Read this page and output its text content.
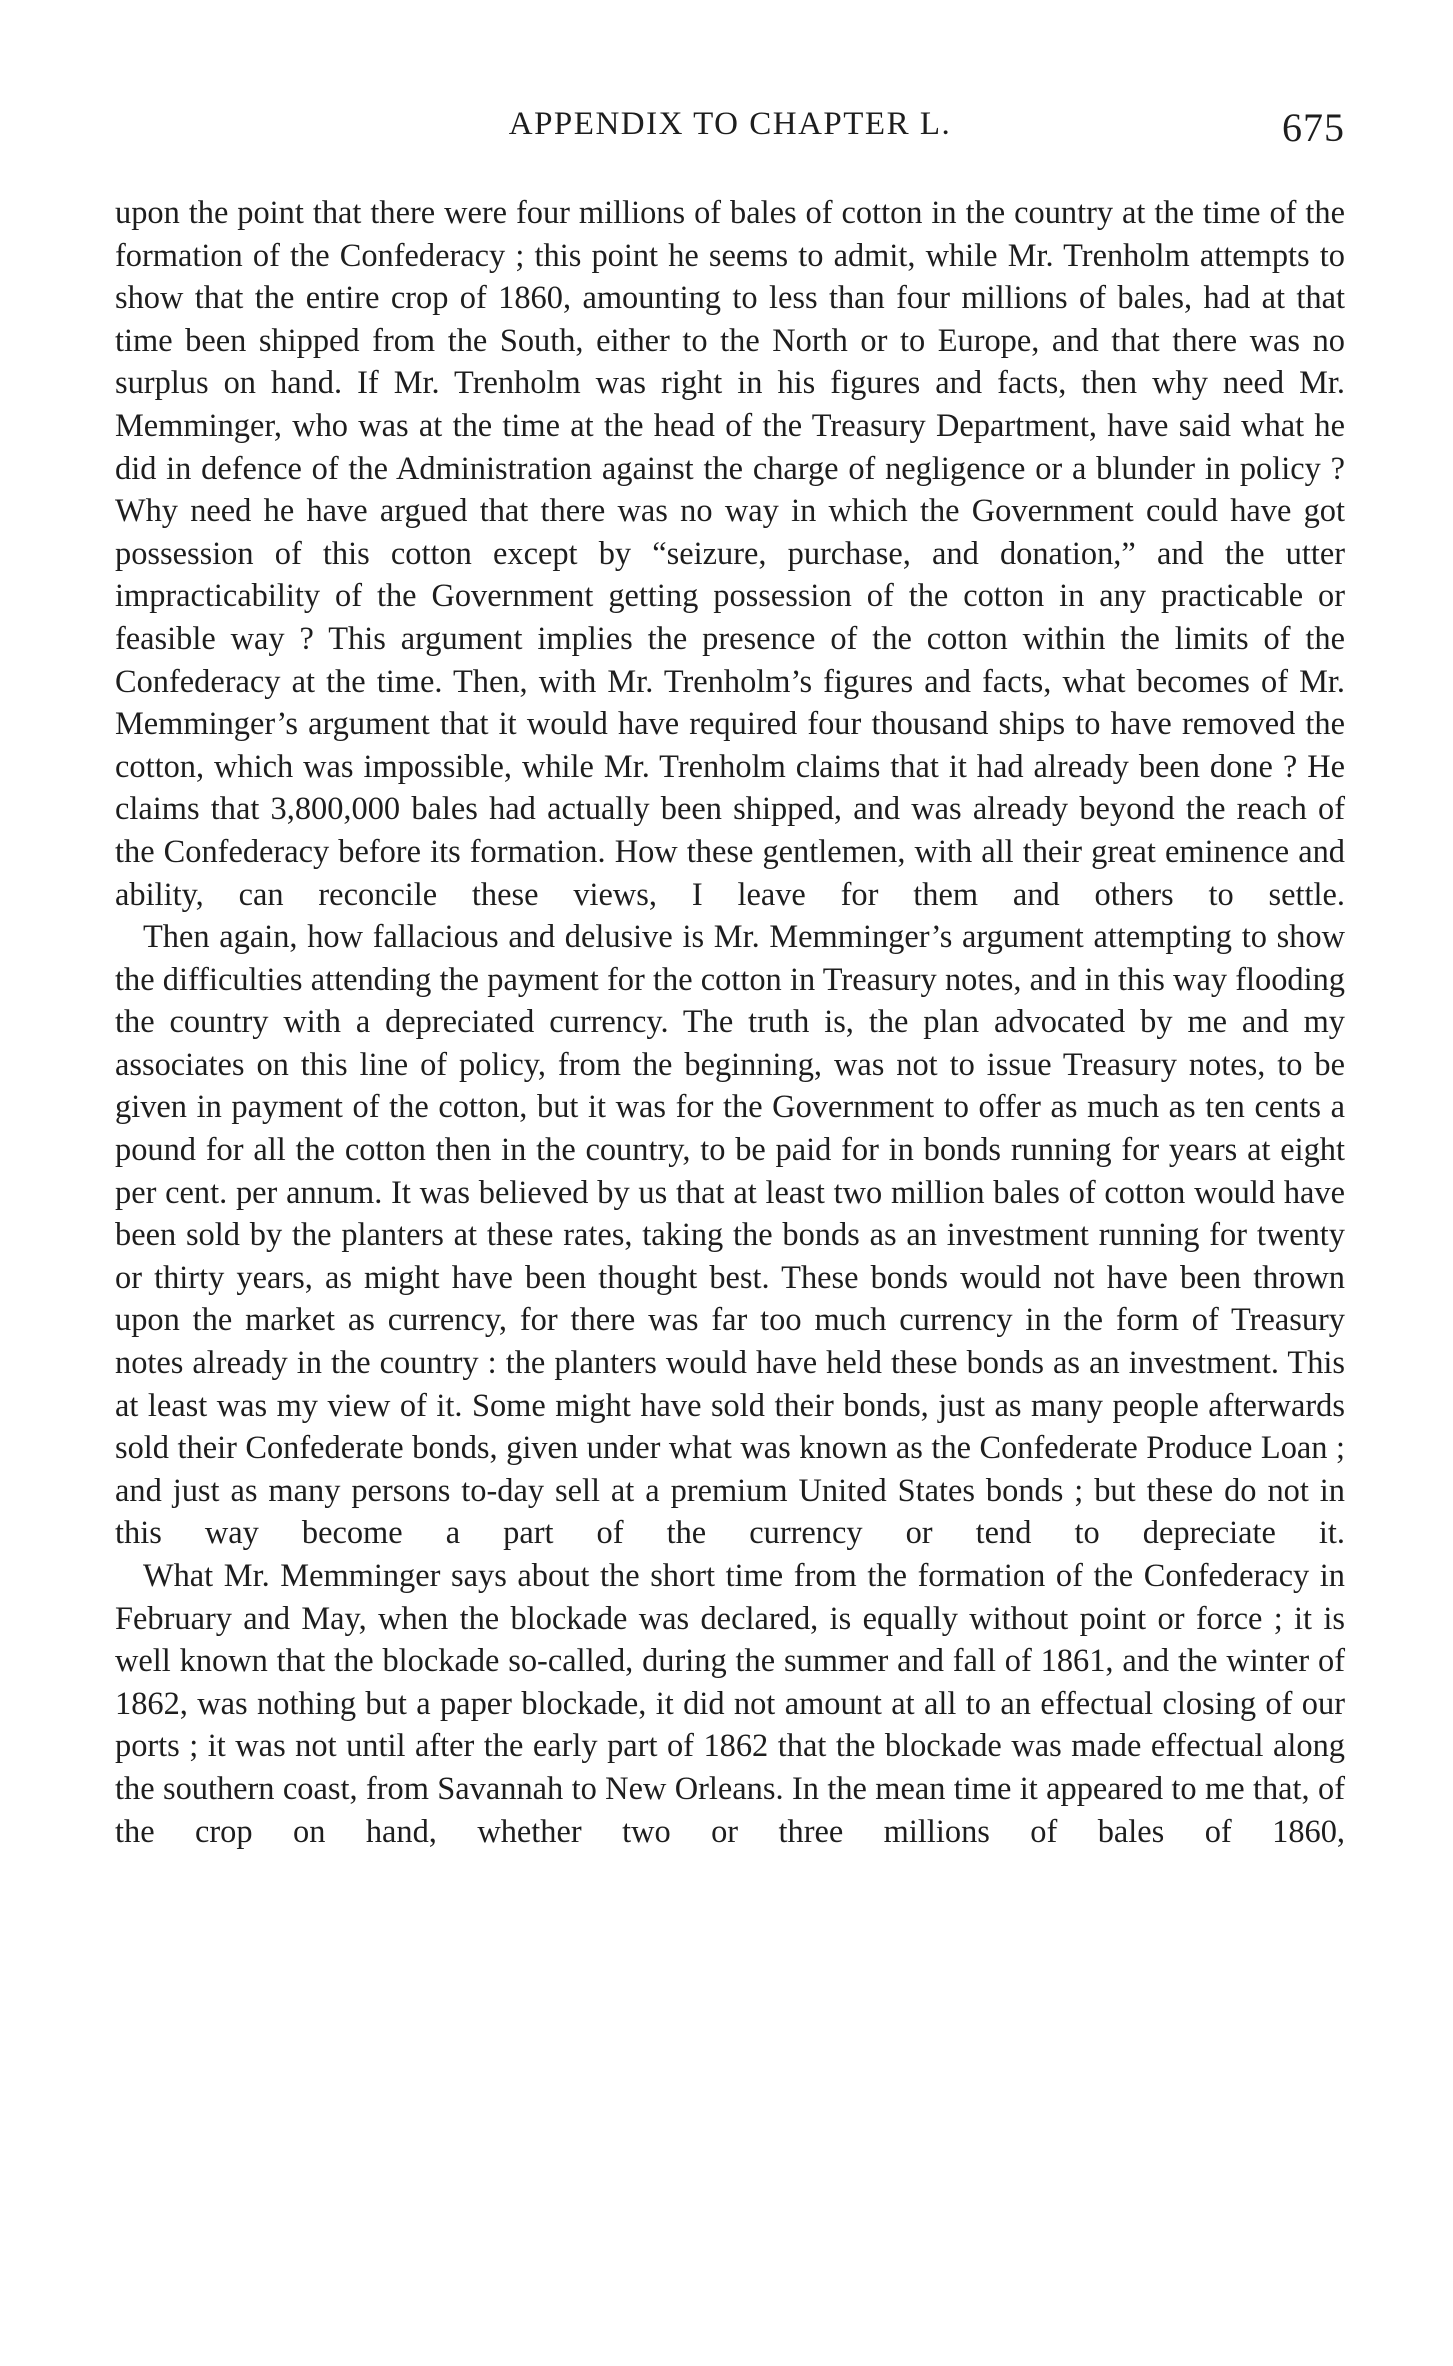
APPENDIX TO CHAPTER L.	675

upon the point that there were four millions of bales of cotton in the country at the time of the formation of the Confederacy ; this point he seems to admit, while Mr. Trenholm attempts to show that the entire crop of 1860, amounting to less than four millions of bales, had at that time been shipped from the South, either to the North or to Europe, and that there was no surplus on hand. If Mr. Trenholm was right in his figures and facts, then why need Mr. Memminger, who was at the time at the head of the Treasury Department, have said what he did in defence of the Administration against the charge of negligence or a blunder in policy ? Why need he have argued that there was no way in which the Government could have got possession of this cotton except by “seizure, purchase, and donation,” and the utter impracticability of the Government getting possession of the cotton in any practicable or feasible way ? This argument implies the presence of the cotton within the limits of the Confederacy at the time. Then, with Mr. Trenholm’s figures and facts, what becomes of Mr. Memminger’s argument that it would have required four thousand ships to have removed the cotton, which was impossible, while Mr. Trenholm claims that it had already been done ? He claims that 3,800,000 bales had actually been shipped, and was already beyond the reach of the Confederacy before its formation. How these gentlemen, with all their great eminence and ability, can reconcile these views, I leave for them and others to settle.

Then again, how fallacious and delusive is Mr. Memminger’s argument attempting to show the difficulties attending the payment for the cotton in Treasury notes, and in this way flooding the country with a depreciated currency. The truth is, the plan advocated by me and my associates on this line of policy, from the beginning, was not to issue Treasury notes, to be given in payment of the cotton, but it was for the Government to offer as much as ten cents a pound for all the cotton then in the country, to be paid for in bonds running for years at eight per cent. per annum. It was believed by us that at least two million bales of cotton would have been sold by the planters at these rates, taking the bonds as an investment running for twenty or thirty years, as might have been thought best. These bonds would not have been thrown upon the market as currency, for there was far too much currency in the form of Treasury notes already in the country : the planters would have held these bonds as an investment. This at least was my view of it. Some might have sold their bonds, just as many people afterwards sold their Confederate bonds, given under what was known as the Confederate Produce Loan ; and just as many persons to-day sell at a premium United States bonds ; but these do not in this way become a part of the currency or tend to depreciate it.

What Mr. Memminger says about the short time from the formation of the Confederacy in February and May, when the blockade was declared, is equally without point or force ; it is well known that the blockade so-called, during the summer and fall of 1861, and the winter of 1862, was nothing but a paper blockade, it did not amount at all to an effectual closing of our ports ; it was not until after the early part of 1862 that the blockade was made effectual along the southern coast, from Savannah to New Orleans. In the mean time it appeared to me that, of the crop on hand, whether two or three millions of bales of 1860,
